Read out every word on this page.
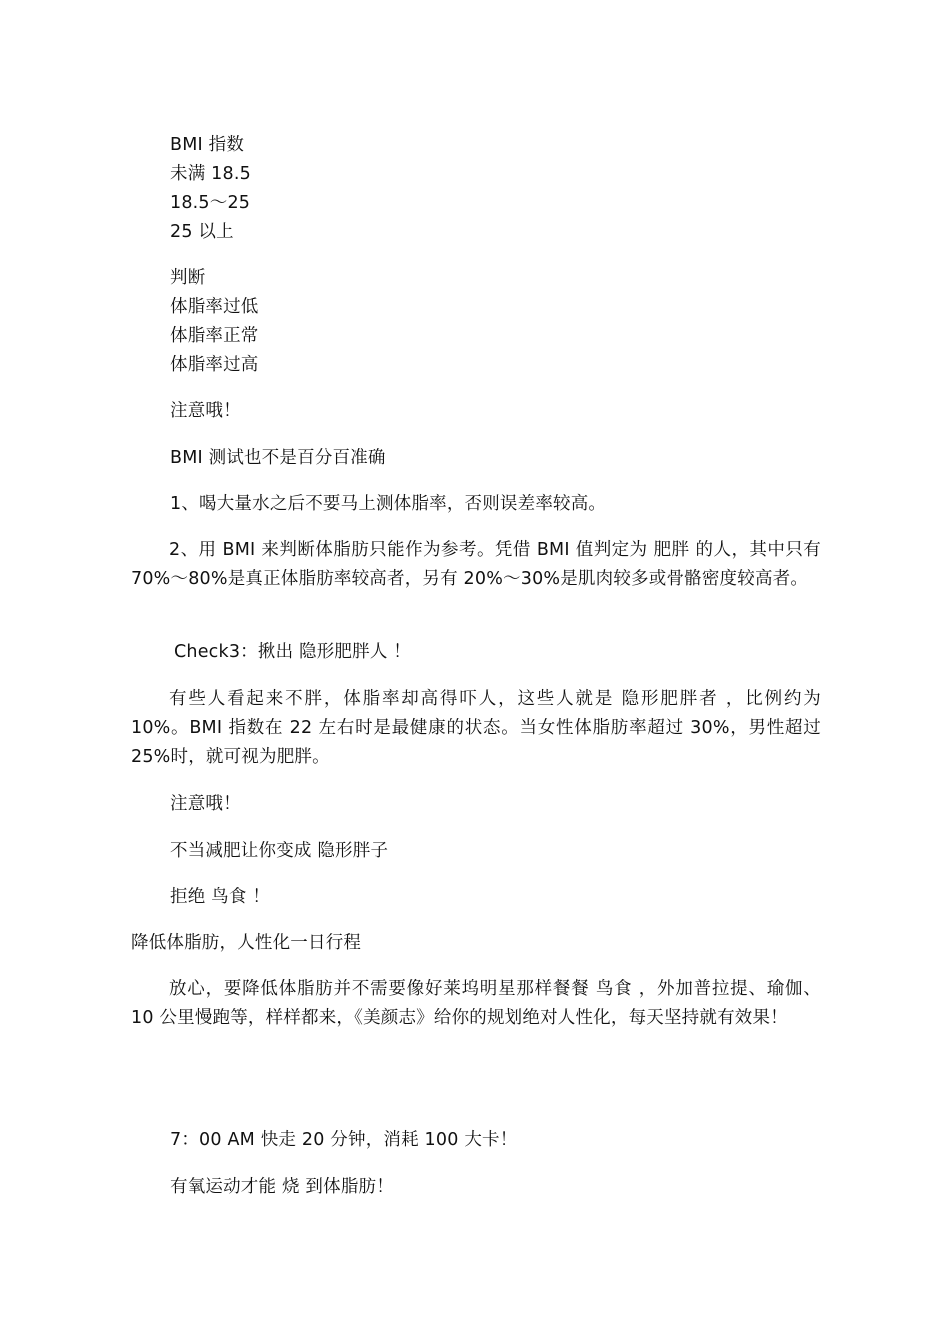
BMI 指数
未满 18.5
18.5～25
25 以上
判断
体脂率过低
体脂率正常
体脂率过高
注意哦！
BMI 测试也不是百分百准确
1、喝大量水之后不要马上测体脂率，否则误差率较高。

2、用 BMI 来判断体脂肪只能作为参考。凭借 BMI 值判定为 肥胖 的人，其中只有 70%～80%是真正体脂肪率较高者，另有 20%～30%是肌肉较多或骨骼密度较高者。

Check3：揪出 隐形肥胖人 ！

有些人看起来不胖，体脂率却高得吓人，这些人就是 隐形肥胖者 ，比例约为 10%。BMI 指数在 22 左右时是最健康的状态。当女性体脂肪率超过 30%，男性超过 25%时，就可视为肥胖。

注意哦！
不当减肥让你变成 隐形胖子
拒绝 鸟食 ！
降低体脂肪，人性化一日行程

放心，要降低体脂肪并不需要像好莱坞明星那样餐餐 鸟食 ，外加普拉提、瑜伽、10 公里慢跑等，样样都来，《美颜志》给你的规划绝对人性化，每天坚持就有效果！

7：00 AM 快走 20 分钟，消耗 100 大卡！
有氧运动才能 烧 到体脂肪！
